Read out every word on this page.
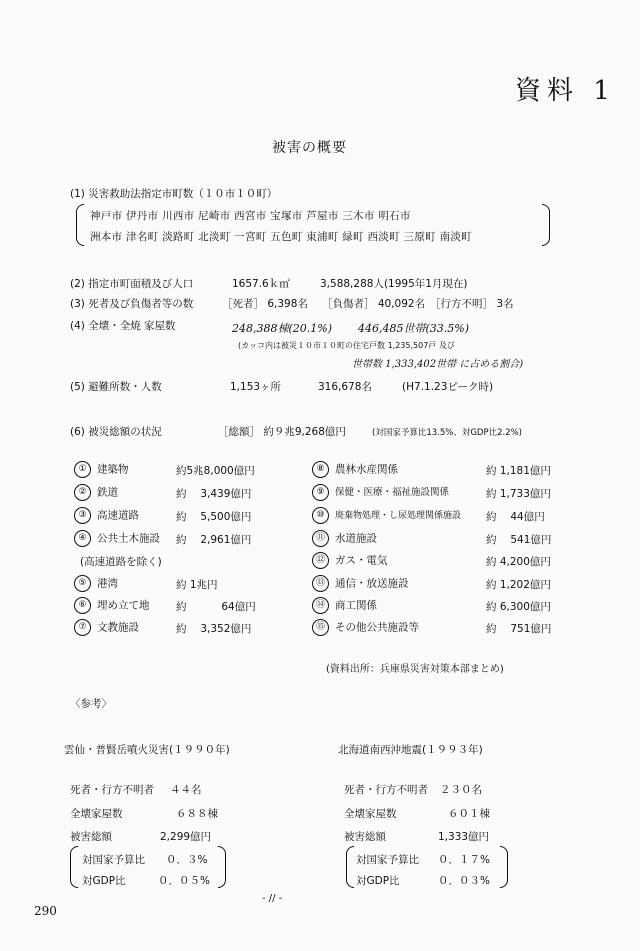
資料 1
被害の概要
(1) 災害救助法指定市町数（１０市１０町）
神戸市 伊丹市 川西市 尼崎市 西宮市 宝塚市 芦屋市 三木市 明石市
洲本市 津名町 淡路町 北淡町 一宮町 五色町 東浦町 緑町 西淡町 三原町 南淡町
(2) 指定市町面積及び人口	1657.6ｋ㎡	3,588,288人(1995年1月現在)
(3) 死者及び負傷者等の数	［死者］ 6,398名 ［負傷者］ 40,092名 ［行方不明］ 3名
(4) 全壊・全焼 家屋数	248,388棟(20.1%) 446,485世帯(33.5%)
(カッコ内は被災１０市１０町の住宅戸数 1,235,507戸 及び
世帯数 1,333,402世帯 に占める割合)
(5) 避難所数・人数	1,153ヶ所	316,678名	(H7.1.23ピーク時)
(6) 被災総額の状況	［総額］ 約９兆9,268億円	(対国家予算比13.5%、対GDP比2.2%)
① 建築物	約5兆8,000億円
② 鉄道	約　 3,439億円
③ 高速道路	約　 5,500億円
④ 公共土木施設 約　 2,961億円
(高速道路を除く)
⑤ 港湾	約 1兆円
⑥ 埋め立て地	約　　　 64億円
⑦ 文教施設	約　 3,352億円
⑧ 農林水産関係	約 1,181億円
⑨ 保健・医療・福祉施設関係	約 1,733億円
⑩ 廃棄物処理・し尿処理関係施設 約　 44億円
⑪ 水道施設	約　 541億円
⑫ ガス・電気	約 4,200億円
⑬ 通信・放送施設	約 1,202億円
⑭ 商工関係	約 6,300億円
⑮ その他公共施設等	約　 751億円
(資料出所：兵庫県災害対策本部まとめ)
〈参考〉
雲仙・普賢岳噴火災害(１９９０年)
死者・行方不明者 ４４名
全壊家屋数	６８８棟
被害総額	2,299億円
対国家予算比 ０．３%
対GDP比	０．０５%
北海道南西沖地震(１９９３年)
死者・行方不明者 ２３０名
全壊家屋数	６０１棟
被害総額	1,333億円
対国家予算比 ０．１７%
対GDP比	０．０３%
- // -
290
